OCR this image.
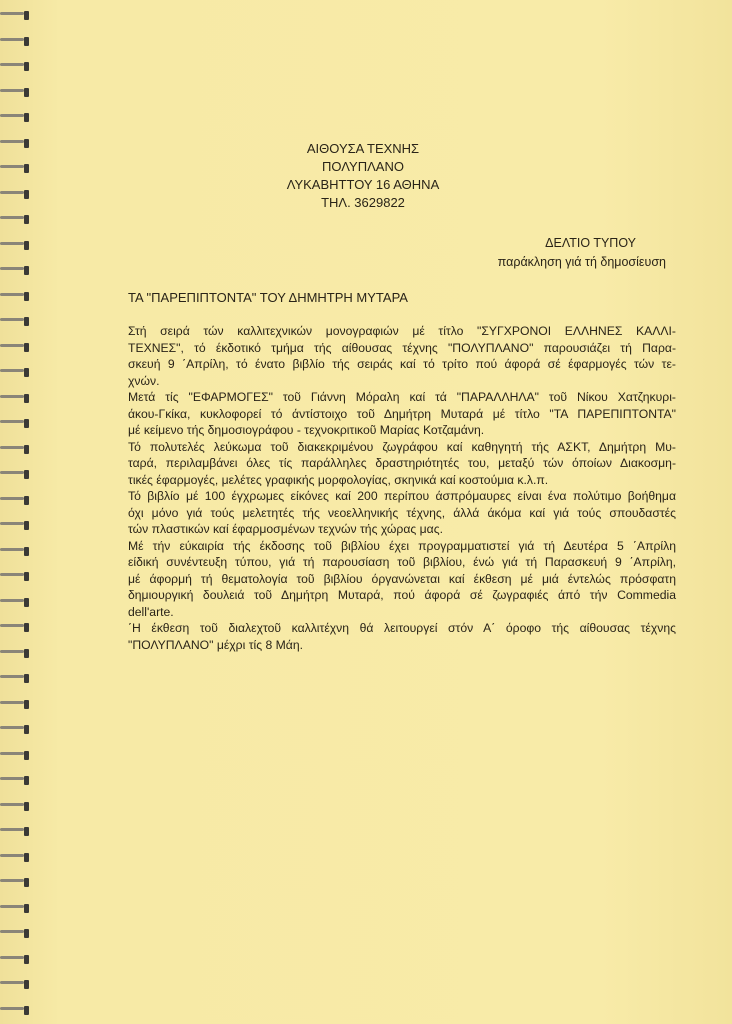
ΑΙΘΟΥΣΑ ΤΕΧΝΗΣ
ΠΟΛΥΠΛΑΝΟ
ΛΥΚΑΒΗΤΤΟΥ 16 ΑΘΗΝΑ
ΤΗΛ. 3629822
ΔΕΛΤΙΟ ΤΥΠΟΥ
παράκληση γιά τή δημοσίευση
ΤΑ "ΠΑΡΕΠΙΠΤΟΝΤΑ" ΤΟΥ ΔΗΜΗΤΡΗ ΜΥΤΑΡΑ
Στή σειρά τών καλλιτεχνικών μονογραφιών μέ τίτλο "ΣΥΓΧΡΟΝΟΙ ΕΛΛΗΝΕΣ ΚΑΛΛΙ-
ΤΕΧΝΕΣ", τό έκδοτικό τμήμα τής αίθουσας τέχνης "ΠΟΛΥΠΛΑΝΟ" παρουσιάζει τή Παρα-
σκευή 9 ΄Απρίλη, τό ένατο βιβλίο τής σειράς καί τό τρίτο πού άφορά σέ έφαρμογές τών τε-
χνών.
Μετά τίς "ΕΦΑΡΜΟΓΕΣ" τοῦ Γιάννη Μόραλη καί τά "ΠΑΡΑΛΛΗΛΑ" τοῦ Νίκου Χατζηκυρι-
άκου-Γκίκα, κυκλοφορεί τό άντίστοιχο τοῦ Δημήτρη Μυταρά μέ τίτλο "ΤΑ ΠΑΡΕΠΙΠΤΟΝΤΑ"
μέ κείμενο τής δημοσιογράφου - τεχνοκριτικοῦ Μαρίας Κοτζαμάνη.
Τό πολυτελές λεύκωμα τοῦ διακεκριμένου ζωγράφου καί καθηγητή τής ΑΣΚΤ, Δημήτρη Μυ-
ταρά, περιλαμβάνει όλες τίς παράλληλες δραστηριότητές του, μεταξύ τών όποίων Διακοσμη-
τικές έφαρμογές, μελέτες γραφικής μορφολογίας, σκηνικά καί κοστούμια κ.λ.π.
Τό βιβλίο μέ 100 έγχρωμες είκόνες καί 200 περίπου άσπρόμαυρες είναι ένα πολύτιμο βοήθημα
όχι μόνο γιά τούς μελετητές τής νεοελληνικής τέχνης, άλλά άκόμα καί γιά τούς σπουδαστές
τών πλαστικών καί έφαρμοσμένων τεχνών τής χώρας μας.
Μέ τήν εύκαιρία τής έκδοσης τοῦ βιβλίου έχει προγραμματιστεί γιά τή Δευτέρα 5 ΄Απρίλη
είδική συνέντευξη τύπου, γιά τή παρουσίαση τοῦ βιβλίου, ένώ γιά τή Παρασκευή 9 ΄Απρίλη,
μέ άφορμή τή θεματολογία τοῦ βιβλίου όργανώνεται καί έκθεση μέ μιά έντελώς πρόσφατη
δημιουργική δουλειά τοῦ Δημήτρη Μυταρά, πού άφορά σέ ζωγραφιές άπό τήν Commedia
dell'arte.
΄Η έκθεση τοῦ διαλεχτοῦ καλλιτέχνη θά λειτουργεί στόν Α΄ όροφο τής αίθουσας τέχνης
"ΠΟΛΥΠΛΑΝΟ" μέχρι τίς 8 Μάη.
